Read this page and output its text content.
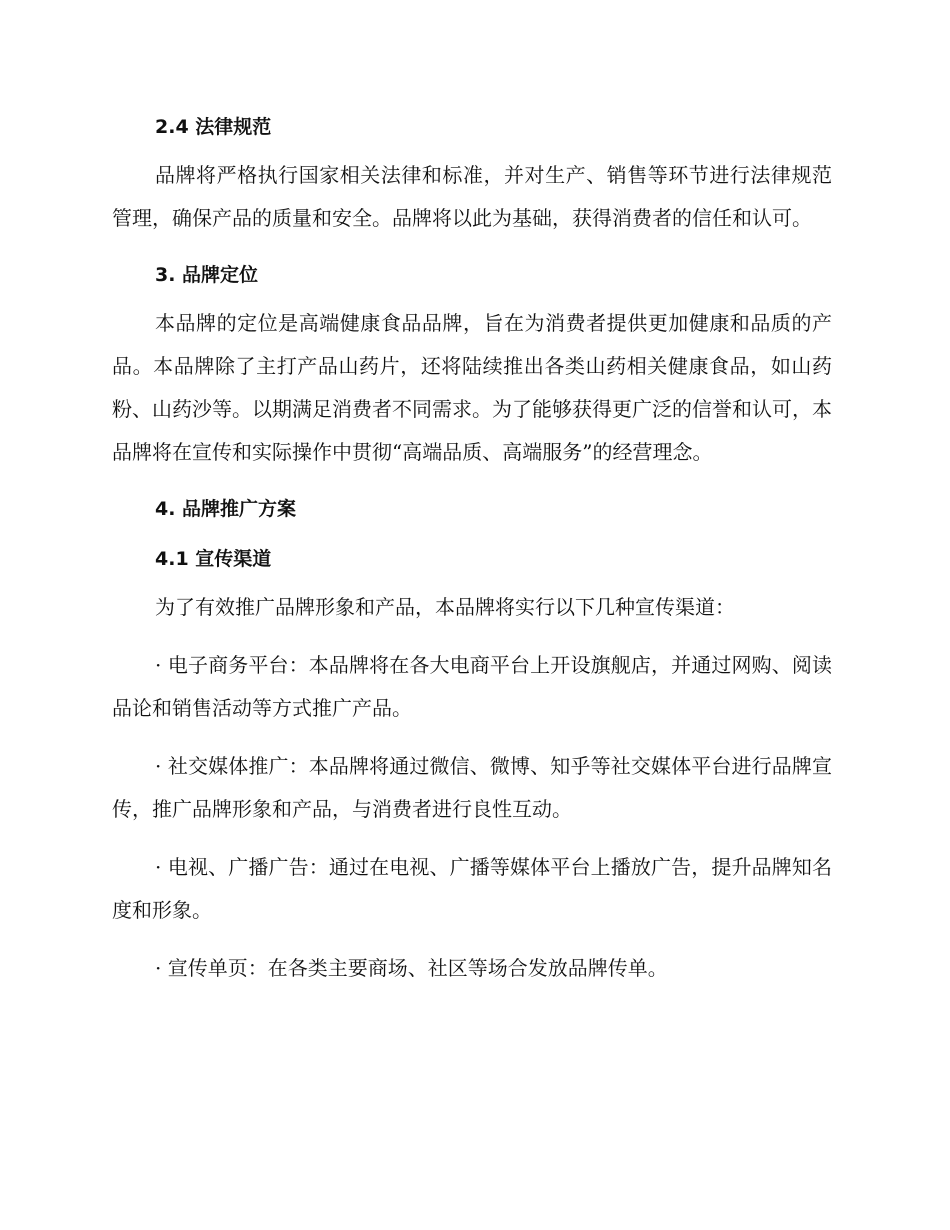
2.4 法律规范

品牌将严格执行国家相关法律和标准，并对生产、销售等环节进行法律规范管理，确保产品的质量和安全。品牌将以此为基础，获得消费者的信任和认可。

3. 品牌定位

本品牌的定位是高端健康食品品牌，旨在为消费者提供更加健康和品质的产品。本品牌除了主打产品山药片，还将陆续推出各类山药相关健康食品，如山药粉、山药沙等。以期满足消费者不同需求。为了能够获得更广泛的信誉和认可，本品牌将在宣传和实际操作中贯彻“高端品质、高端服务”的经营理念。

4. 品牌推广方案
4.1 宣传渠道

为了有效推广品牌形象和产品，本品牌将实行以下几种宣传渠道：

· 电子商务平台：本品牌将在各大电商平台上开设旗舰店，并通过网购、阅读品论和销售活动等方式推广产品。

· 社交媒体推广：本品牌将通过微信、微博、知乎等社交媒体平台进行品牌宣传，推广品牌形象和产品，与消费者进行良性互动。

· 电视、广播广告：通过在电视、广播等媒体平台上播放广告，提升品牌知名度和形象。

· 宣传单页：在各类主要商场、社区等场合发放品牌传单。
